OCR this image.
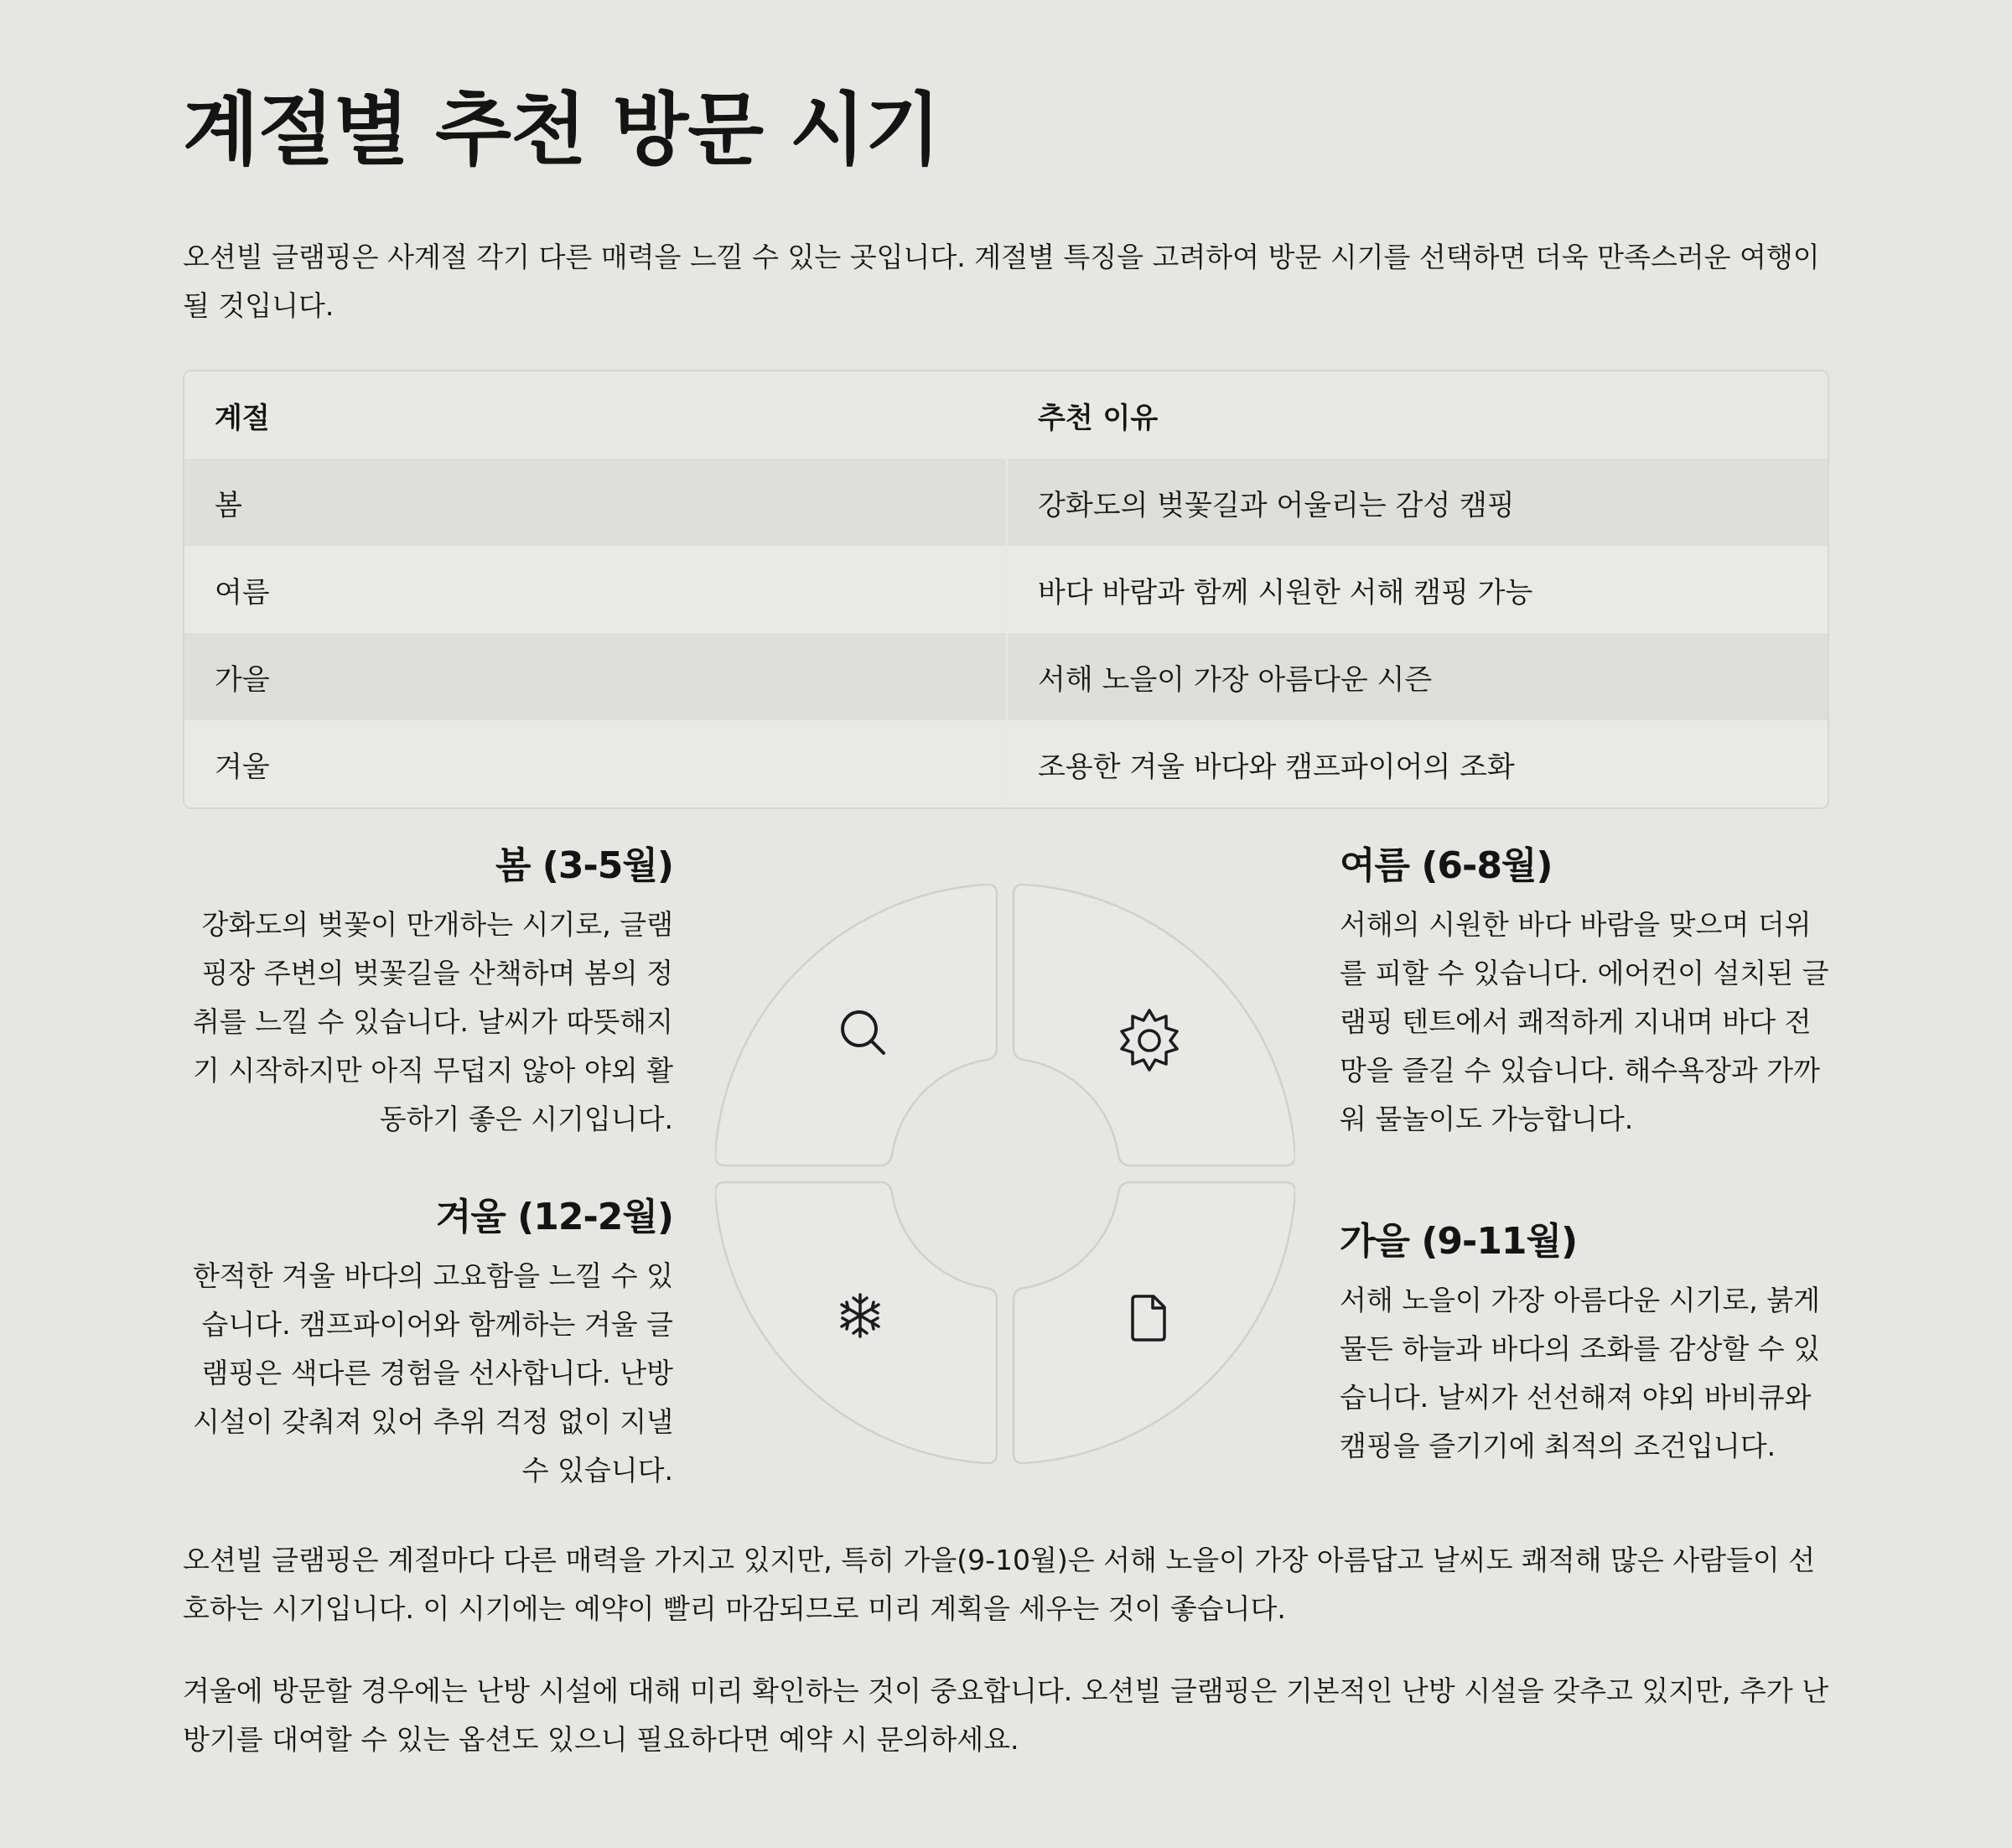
계절별 추천 방문 시기

오션빌 글램핑은 사계절 각기 다른 매력을 느낄 수 있는 곳입니다. 계절별 특징을 고려하여 방문 시기를 선택하면 더욱 만족스러운 여행이 될 것입니다.

계절	추천 이유
봄	강화도의 벚꽃길과 어울리는 감성 캠핑
여름	바다 바람과 함께 시원한 서해 캠핑 가능
가을	서해 노을이 가장 아름다운 시즌
겨울	조용한 겨울 바다와 캠프파이어의 조화
봄 (3-5월)

강화도의 벚꽃이 만개하는 시기로, 글램핑장 주변의 벚꽃길을 산책하며 봄의 정취를 느낄 수 있습니다. 날씨가 따뜻해지기 시작하지만 아직 무덥지 않아 야외 활동하기 좋은 시기입니다.

겨울 (12-2월)

한적한 겨울 바다의 고요함을 느낄 수 있습니다. 캠프파이어와 함께하는 겨울 글램핑은 색다른 경험을 선사합니다. 난방 시설이 갖춰져 있어 추위 걱정 없이 지낼 수 있습니다.

여름 (6-8월)

서해의 시원한 바다 바람을 맞으며 더위를 피할 수 있습니다. 에어컨이 설치된 글램핑 텐트에서 쾌적하게 지내며 바다 전망을 즐길 수 있습니다. 해수욕장과 가까워 물놀이도 가능합니다.

가을 (9-11월)

서해 노을이 가장 아름다운 시기로, 붉게 물든 하늘과 바다의 조화를 감상할 수 있습니다. 날씨가 선선해져 야외 바비큐와 캠핑을 즐기기에 최적의 조건입니다.

오션빌 글램핑은 계절마다 다른 매력을 가지고 있지만, 특히 가을(9-10월)은 서해 노을이 가장 아름답고 날씨도 쾌적해 많은 사람들이 선호하는 시기입니다. 이 시기에는 예약이 빨리 마감되므로 미리 계획을 세우는 것이 좋습니다.

겨울에 방문할 경우에는 난방 시설에 대해 미리 확인하는 것이 중요합니다. 오션빌 글램핑은 기본적인 난방 시설을 갖추고 있지만, 추가 난방기를 대여할 수 있는 옵션도 있으니 필요하다면 예약 시 문의하세요.
